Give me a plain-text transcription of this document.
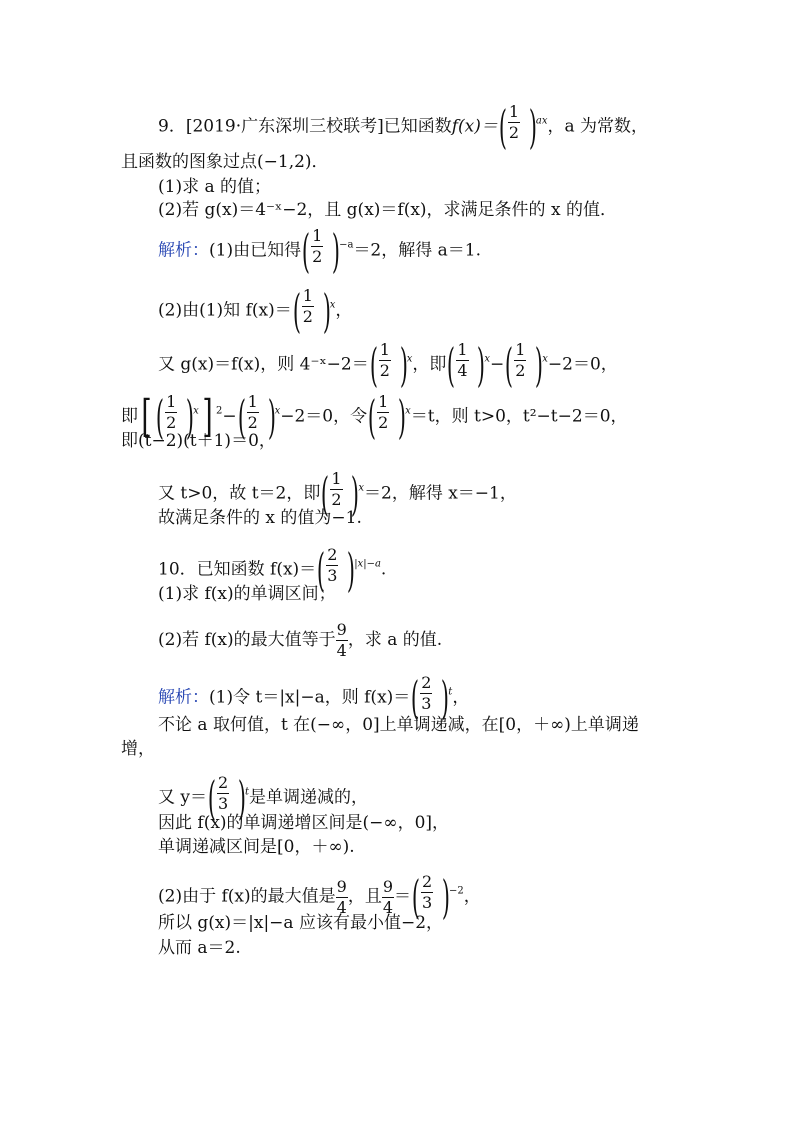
9．[2019·广东深圳三校联考]已知函数f(x)＝ ( $\frac{1}{2}$ )
$^{ax}$，a 为常数，
且函数的图象过点(−1,2)．
(1)求 a 的值；
(2)若 g(x)＝4⁻ˣ−2，且 g(x)＝f(x)，求满足条件的 x 的值．
解析：(1)由已知得 ( $\frac{1}{2}$ )
$^{-a}$＝2，解得 a＝1.
(2)由(1)知 f(x)＝ ( $\frac{1}{2}$ )
$^x$，
又 g(x)＝f(x)，则 4⁻ˣ−2＝ ( $\frac{1}{2}$ )
$^x$，即 ( $\frac{1}{4}$ )
$^x$− ( $\frac{1}{2}$ )
$^x$−2＝0，
即[ ( $\frac{1}{2}$ )
$^x$] $^2$− ( $\frac{1}{2}$ )
$^x$−2＝0，令 ( $\frac{1}{2}$ )
$^x$＝t，则 t>0，t²−t−2＝0，
即(t−2)(t＋1)＝0，
又 t>0，故 t＝2，即 ( $\frac{1}{2}$ )
$^x$＝2，解得 x＝−1，
故满足条件的 x 的值为−1.
10．已知函数 f(x)＝ ( $\frac{2}{3}$ )
$^{|x|-a}$.
(1)求 f(x)的单调区间；
(2)若 f(x)的最大值等于 $\frac{9}{4}$ ，求 a 的值.
解析：(1)令 t＝|x|−a，则 f(x)＝ ( $\frac{2}{3}$ )
$^t$，
不论 a 取何值，t 在(−∞，0]上单调递减，在[0，＋∞)上单调递
增，
又 y＝ ( $\frac{2}{3}$ )
$^t$是单调递减的，
因此 f(x)的单调递增区间是(−∞，0]，
单调递减区间是[0，＋∞).
(2)由于 f(x)的最大值是 $\frac{9}{4}$ ，且 $\frac{9}{4}$ ＝ ( $\frac{2}{3}$ )
$^{-2}$，
所以 g(x)＝|x|−a 应该有最小值−2，
从而 a＝2.
